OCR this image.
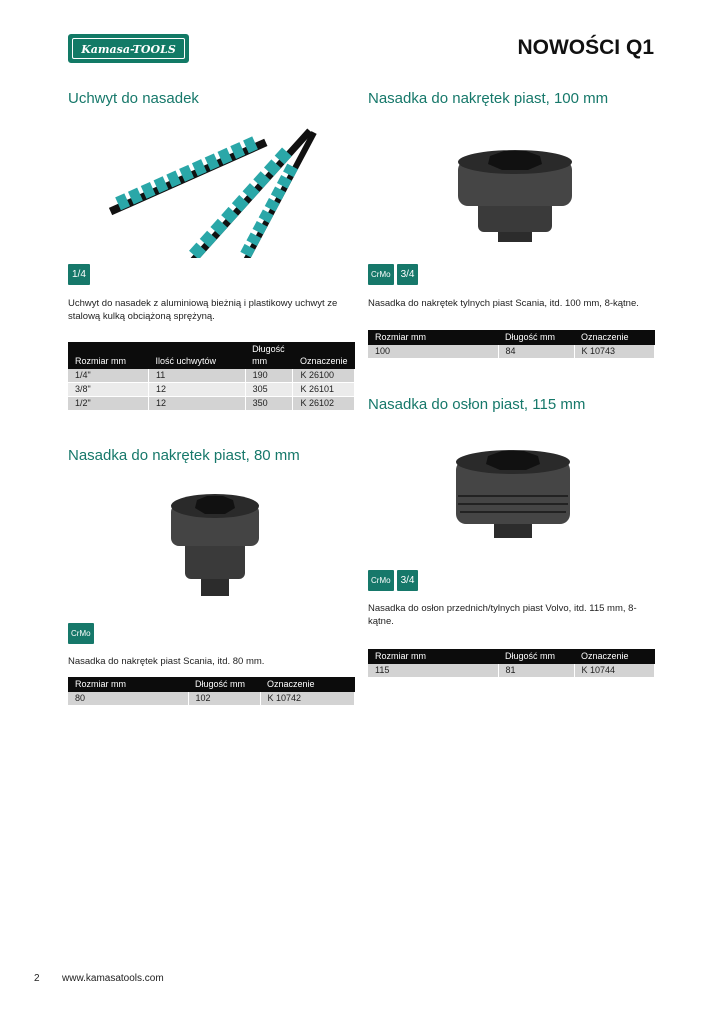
Kamasa-TOOLS	NOWOŚCI Q1
Uchwyt do nasadek
1/4

Uchwyt do nasadek z aluminiową bieżnią i plastikowy uchwyt ze stalową kulką obciążoną sprężyną.

Rozmiar mm	Ilość uchwytów	Długość mm	Oznaczenie
1/4"	11	190	K 26100
3/8"	12	305	K 26101
1/2"	12	350	K 26102
Nasadka do nakrętek piast, 80 mm
CrMo

Nasadka do nakrętek piast Scania, itd. 80 mm.

Rozmiar mm	Długość mm	Oznaczenie
80	102	K 10742
Nasadka do nakrętek piast, 100 mm
CrMo	3/4

Nasadka do nakrętek tylnych piast Scania, itd. 100 mm, 8-kątne.

Rozmiar mm	Długość mm	Oznaczenie
100	84	K 10743
Nasadka do osłon piast, 115 mm
CrMo	3/4

Nasadka do osłon przednich/tylnych piast Volvo, itd. 115 mm, 8-kątne.

Rozmiar mm	Długość mm	Oznaczenie
115	81	K 10744
2 www.kamasatools.com
